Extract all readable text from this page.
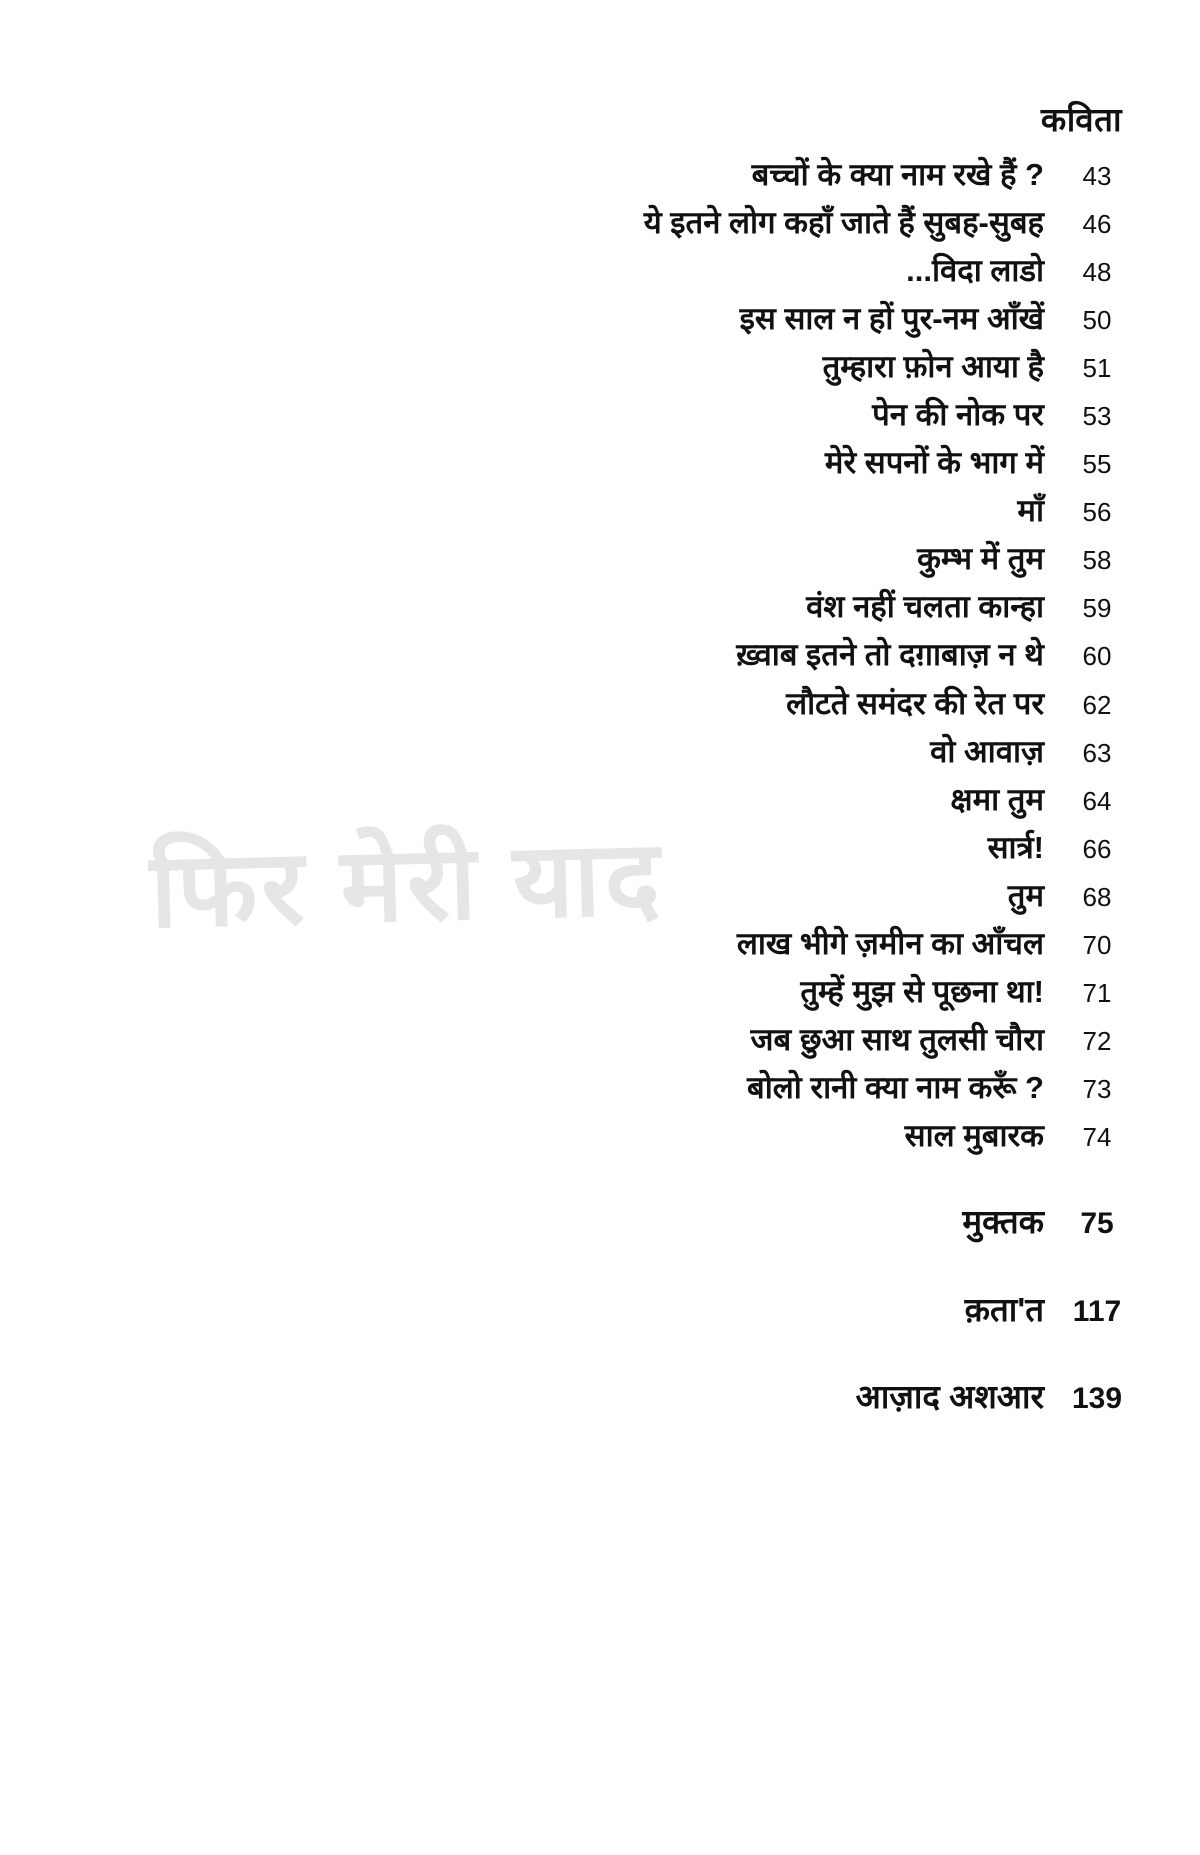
फिर मेरी याद
कविता
बच्चों के क्या नाम रखे हैं ?	43
ये इतने लोग कहाँ जाते हैं सुबह-सुबह	46
...विदा लाडो	48
इस साल न हों पुर-नम आँखें	50
तुम्हारा फ़ोन आया है	51
पेन की नोक पर	53
मेरे सपनों के भाग में	55
माँ	56
कुम्भ में तुम	58
वंश नहीं चलता कान्हा	59
ख़्वाब इतने तो दग़ाबाज़ न थे	60
लौटते समंदर की रेत पर	62
वो आवाज़	63
क्षमा तुम	64
सार्त्र!	66
तुम	68
लाख भीगे ज़मीन का आँचल	70
तुम्हें मुझ से पूछना था!	71
जब छुआ साथ तुलसी चौरा	72
बोलो रानी क्या नाम करूँ ?	73
साल मुबारक	74
मुक्तक	75
क़ता'त 117
आज़ाद अशआर 139
